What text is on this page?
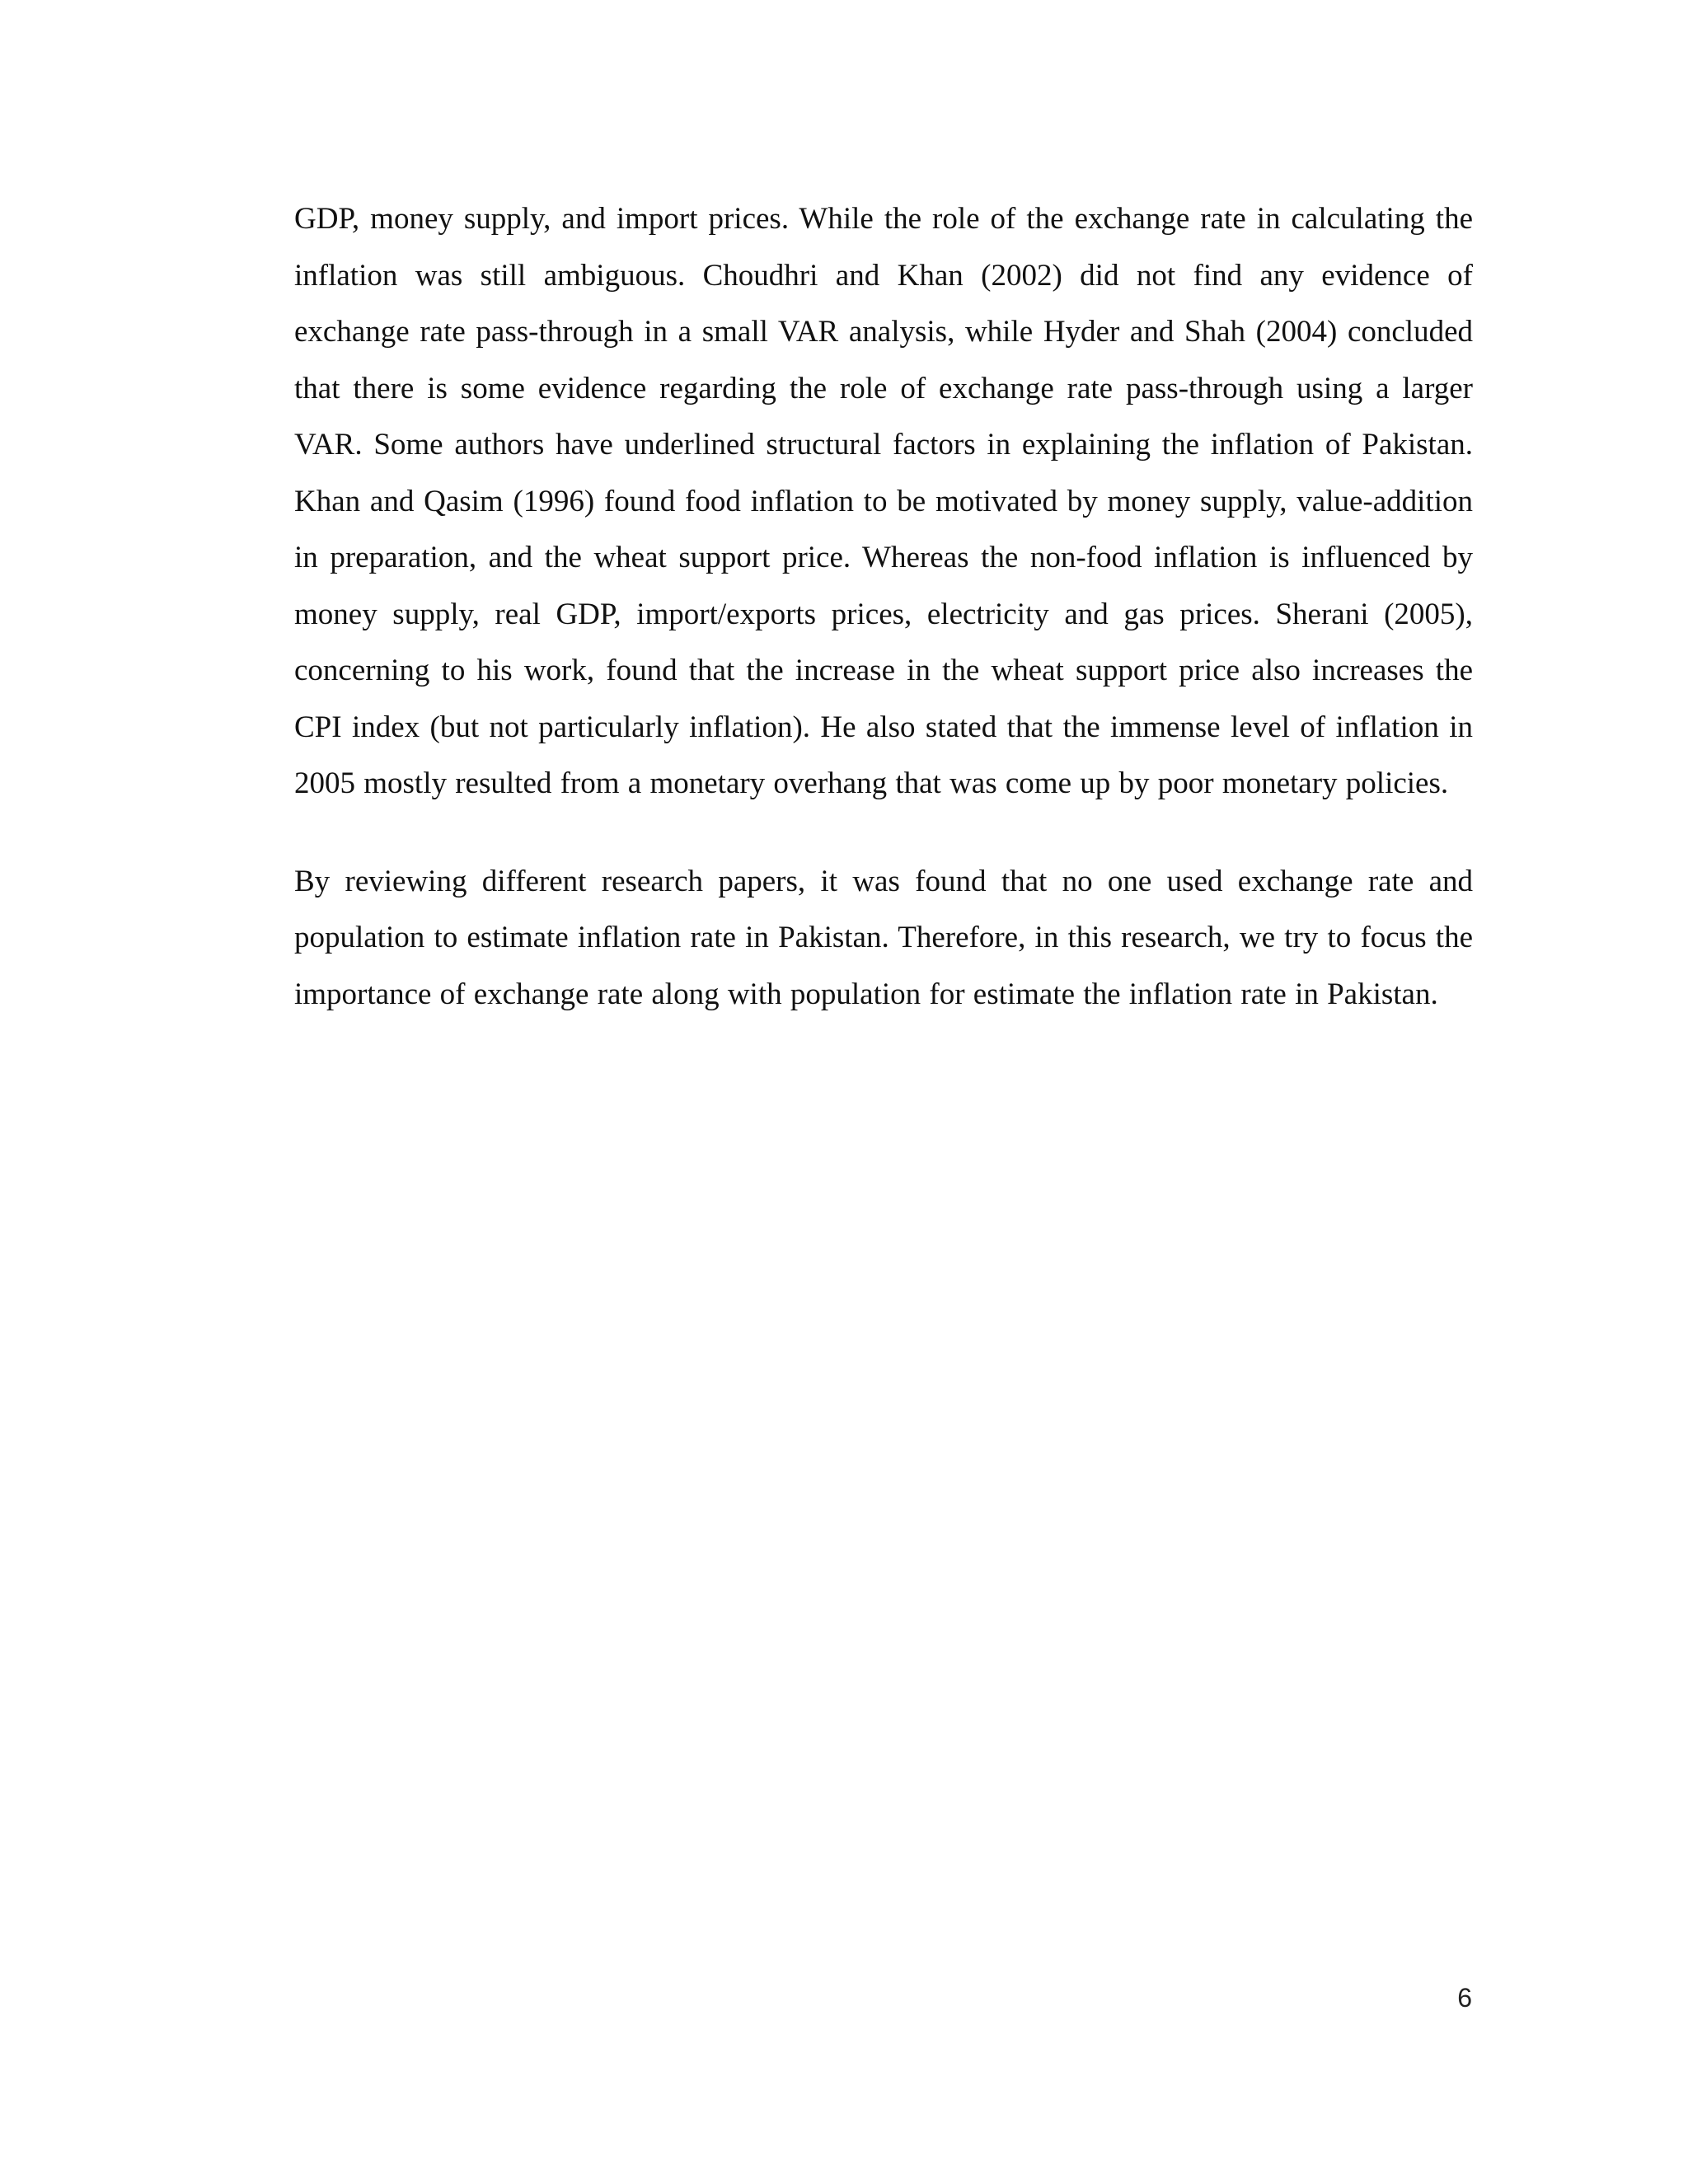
GDP, money supply, and import prices. While the role of the exchange rate in calculating the inflation was still ambiguous. Choudhri and Khan (2002) did not find any evidence of exchange rate pass-through in a small VAR analysis, while Hyder and Shah (2004) concluded that there is some evidence regarding the role of exchange rate pass-through using a larger VAR. Some authors have underlined structural factors in explaining the inflation of Pakistan. Khan and Qasim (1996) found food inflation to be motivated by money supply, value-addition in preparation, and the wheat support price. Whereas the non-food inflation is influenced by money supply, real GDP, import/exports prices, electricity and gas prices. Sherani (2005), concerning to his work, found that the increase in the wheat support price also increases the CPI index (but not particularly inflation). He also stated that the immense level of inflation in 2005 mostly resulted from a monetary overhang that was come up by poor monetary policies.

By reviewing different research papers, it was found that no one used exchange rate and population to estimate inflation rate in Pakistan. Therefore, in this research, we try to focus the importance of exchange rate along with population for estimate the inflation rate in Pakistan.

6
